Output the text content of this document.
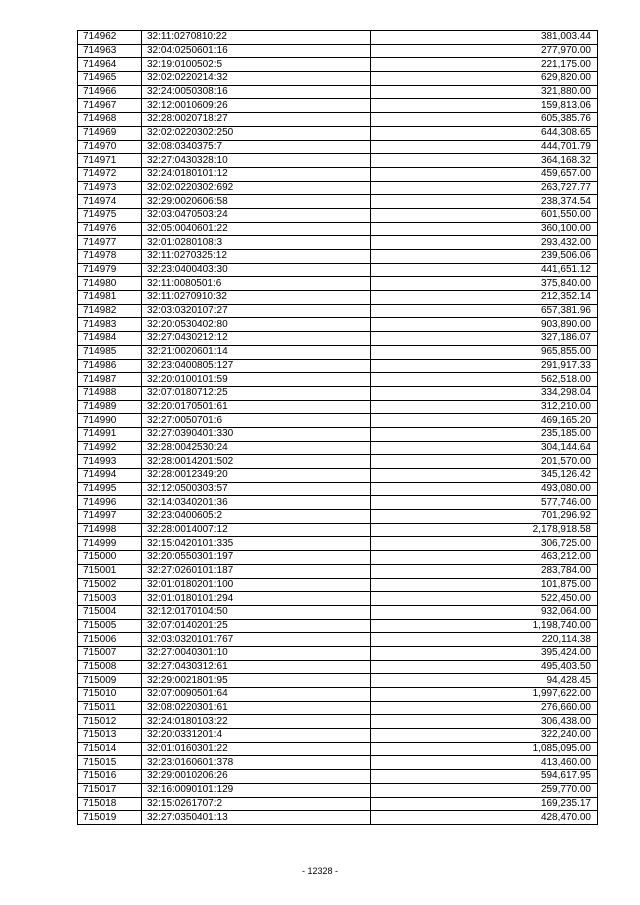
714962	32:11:0270810:22	381,003.44
714963	32:04:0250601:16	277,970.00
714964	32:19:0100502:5	221,175.00
714965	32:02:0220214:32	629,820.00
714966	32:24:0050308:16	321,880.00
714967	32:12:0010609:26	159,813.06
714968	32:28:0020718:27	605,385.76
714969	32:02:0220302:250	644,308.65
714970	32:08:0340375:7	444,701.79
714971	32:27:0430328:10	364,168.32
714972	32:24:0180101:12	459,657.00
714973	32:02:0220302:692	263,727.77
714974	32:29:0020606:58	238,374.54
714975	32:03:0470503:24	601,550.00
714976	32:05:0040601:22	360,100.00
714977	32:01:0280108:3	293,432.00
714978	32:11:0270325:12	239,506.06
714979	32:23:0400403:30	441,651.12
714980	32:11:0080501:6	375,840.00
714981	32:11:0270910:32	212,352.14
714982	32:03:0320107:27	657,381.96
714983	32:20:0530402:80	903,890.00
714984	32:27:0430212:12	327,186.07
714985	32:21:0020601:14	965,855.00
714986	32:23:0400805:127	291,917.33
714987	32:20:0100101:59	562,518.00
714988	32:07:0180712:25	334,298.04
714989	32:20:0170501:61	312,210.00
714990	32:27:0050701:6	469,165.20
714991	32:27:0390401:330	235,185.00
714992	32:28:0042530:24	304,144.64
714993	32:28:0014201:502	201,570.00
714994	32:28:0012349:20	345,126.42
714995	32:12:0500303:57	493,080.00
714996	32:14:0340201:36	577,746.00
714997	32:23:0400605:2	701,296.92
714998	32:28:0014007:12	2,178,918.58
714999	32:15:0420101:335	306,725.00
715000	32:20:0550301:197	463,212.00
715001	32:27:0260101:187	283,784.00
715002	32:01:0180201:100	101,875.00
715003	32:01:0180101:294	522,450.00
715004	32:12:0170104:50	932,064.00
715005	32:07:0140201:25	1,198,740.00
715006	32:03:0320101:767	220,114.38
715007	32:27:0040301:10	395,424.00
715008	32:27:0430312:61	495,403.50
715009	32:29:0021801:95	94,428.45
715010	32:07:0090501:64	1,997,622.00
715011	32:08:0220301:61	276,660.00
715012	32:24:0180103:22	306,438.00
715013	32:20:0331201:4	322,240.00
715014	32:01:0160301:22	1,085,095.00
715015	32:23:0160601:378	413,460.00
715016	32:29:0010206:26	594,617.95
715017	32:16:0090101:129	259,770.00
715018	32:15:0261707:2	169,235.17
715019	32:27:0350401:13	428,470.00
- 12328 -
